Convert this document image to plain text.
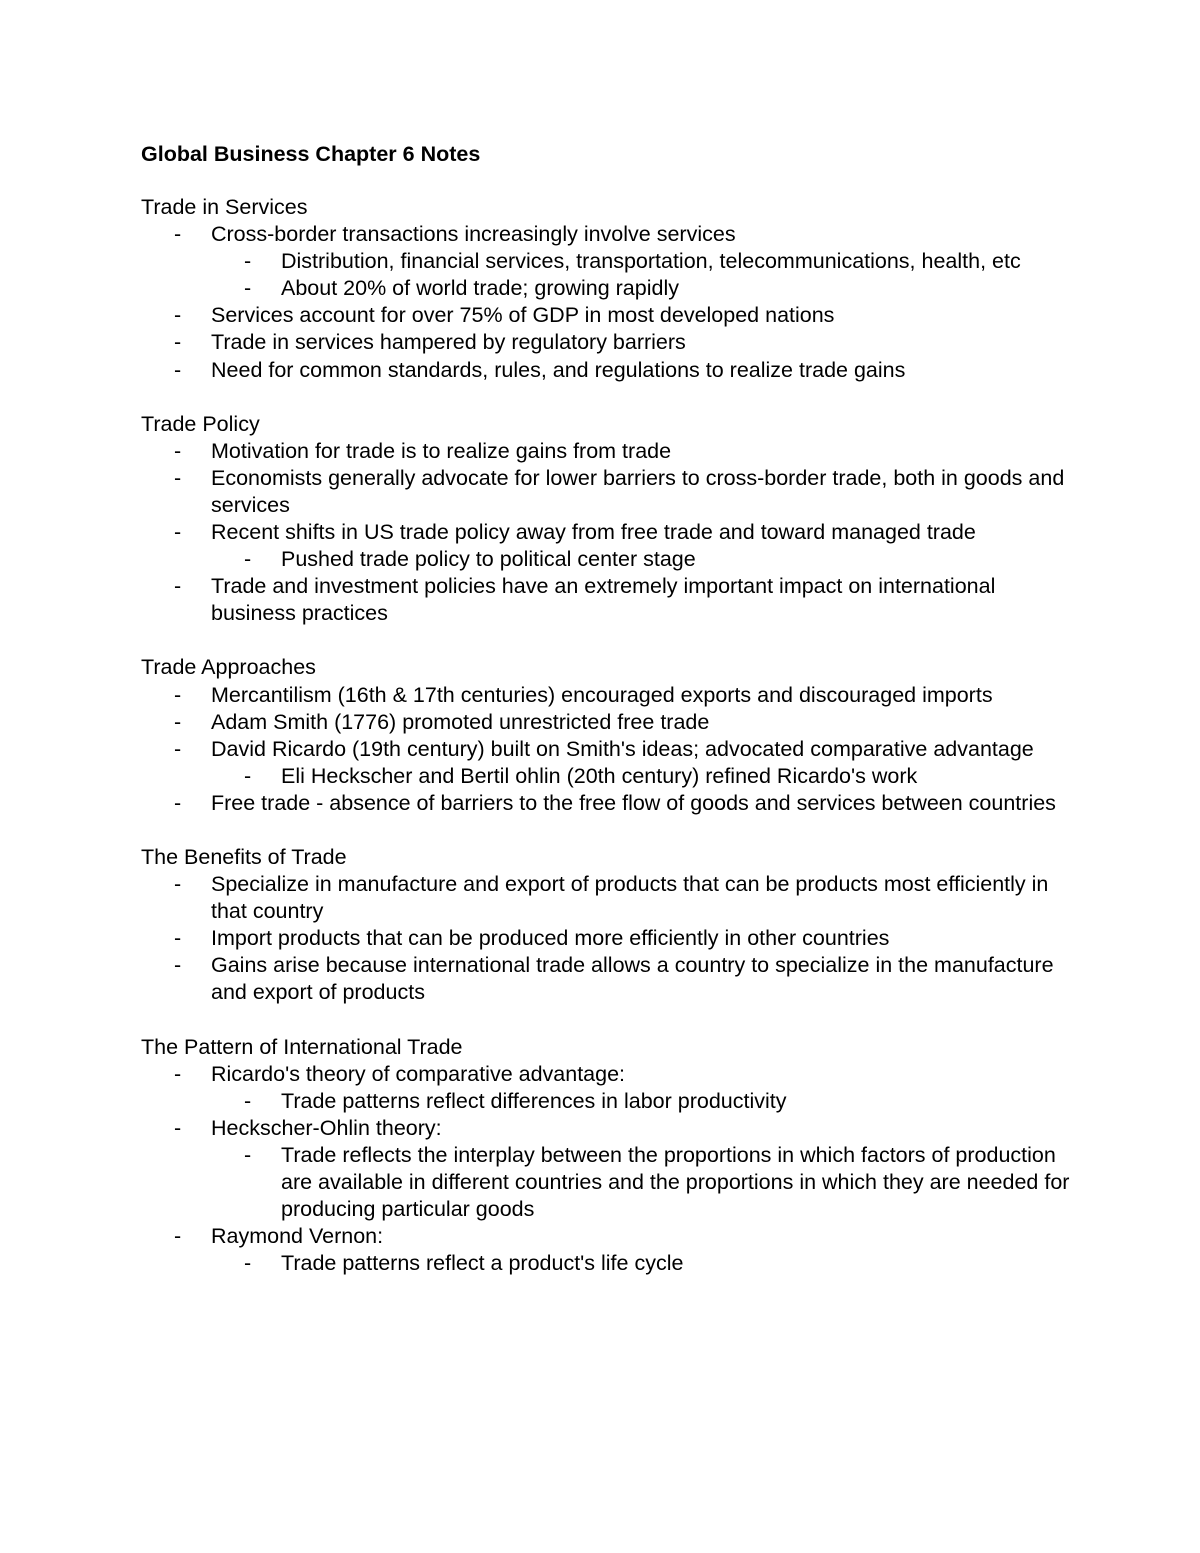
Global Business Chapter 6 Notes
Trade in Services
- Cross-border transactions increasingly involve services
- Distribution, financial services, transportation, telecommunications, health, etc
- About 20% of world trade; growing rapidly
- Services account for over 75% of GDP in most developed nations
- Trade in services hampered by regulatory barriers
- Need for common standards, rules, and regulations to realize trade gains
Trade Policy
- Motivation for trade is to realize gains from trade
- Economists generally advocate for lower barriers to cross-border trade, both in goods and services
- Recent shifts in US trade policy away from free trade and toward managed trade
- Pushed trade policy to political center stage
- Trade and investment policies have an extremely important impact on international business practices
Trade Approaches
- Mercantilism (16th & 17th centuries) encouraged exports and discouraged imports
- Adam Smith (1776) promoted unrestricted free trade
- David Ricardo (19th century) built on Smith's ideas; advocated comparative advantage
- Eli Heckscher and Bertil ohlin (20th century) refined Ricardo's work
- Free trade - absence of barriers to the free flow of goods and services between countries
The Benefits of Trade
- Specialize in manufacture and export of products that can be products most efficiently in that country
- Import products that can be produced more efficiently in other countries
- Gains arise because international trade allows a country to specialize in the manufacture and export of products
The Pattern of International Trade
- Ricardo's theory of comparative advantage:
- Trade patterns reflect differences in labor productivity
- Heckscher-Ohlin theory:
- Trade reflects the interplay between the proportions in which factors of production are available in different countries and the proportions in which they are needed for producing particular goods
- Raymond Vernon:
- Trade patterns reflect a product's life cycle
